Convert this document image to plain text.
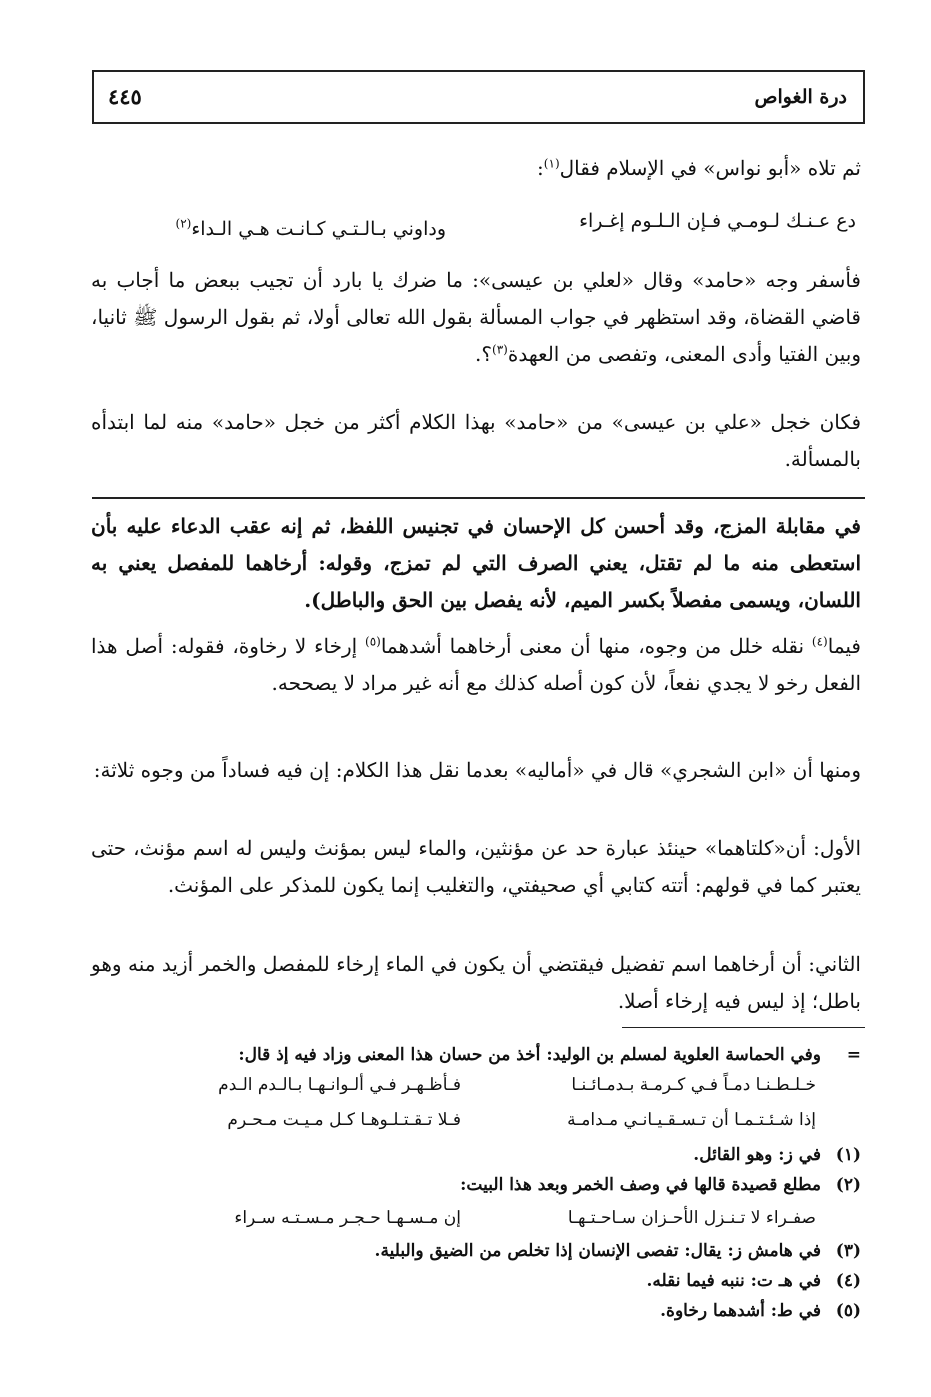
درة الغواص
٤٤٥

ثم تلاه «أبو نواس» في الإسلام فقال$^{(١)}$:

دع عـنـك لـومـي فـإن الـلـوم إغـراء
وداوني بـالـتـي كـانـت هـي الـداء$^{(٢)}$

فأسفر وجه «حامد» وقال «لعلي بن عيسى»: ما ضرك يا بارد أن تجيب ببعض ما أجاب به قاضي القضاة، وقد استظهر في جواب المسألة بقول الله تعالى أولا، ثم بقول الرسول ﷺ ثانيا، وبين الفتيا وأدى المعنى، وتفصى من العهدة$^{(٣)}$؟.

فكان خجل «علي بن عيسى» من «حامد» بهذا الكلام أكثر من خجل «حامد» منه لما ابتدأه بالمسألة.

في مقابلة المزج، وقد أحسن كل الإحسان في تجنيس اللفظ، ثم إنه عقب الدعاء عليه بأن استعطى منه ما لم تقتل، يعني الصرف التي لم تمزج، وقوله: أرخاهما للمفصل يعني به اللسان، ويسمى مفصلاً بكسر الميم، لأنه يفصل بين الحق والباطل).

فيما$^{(٤)}$ نقله خلل من وجوه، منها أن معنى أرخاهما أشدهما$^{(٥)}$ إرخاء لا رخاوة، فقوله: أصل هذا الفعل رخو لا يجدي نفعاً، لأن كون أصله كذلك مع أنه غير مراد لا يصححه.

ومنها أن «ابن الشجري» قال في «أماليه» بعدما نقل هذا الكلام: إن فيه فساداً من وجوه ثلاثة:

الأول: أن«كلتاهما» حينئذ عبارة حد عن مؤنثين، والماء ليس بمؤنث وليس له اسم مؤنث، حتى يعتبر كما في قولهم: أتته كتابي أي صحيفتي، والتغليب إنما يكون للمذكر على المؤنث.

الثاني: أن أرخاهما اسم تفضيل فيقتضي أن يكون في الماء إرخاء للمفصل والخمر أزيد منه وهو باطل؛ إذ ليس فيه إرخاء أصلا.

=وفي الحماسة العلوية لمسلم بن الوليد: أخذ من حسان هذا المعنى وزاد فيه إذ قال:
خـلـطـنـا دمـاً فـي كـرمـة بـدمـائـنـا
فـأظـهـر فـي ألـوانـهـا بـالـدم الـدم
إذا شـئـتـمـا أن تـسـقـيـانـي مـدامـة
فـلا تـقـتـلـوهـا كـل مـيـت مـحـرم
(١)في ز: وهو القائل.
(٢)مطلع قصيدة قالها في وصف الخمر وبعد هذا البيت:
صفـراء لا تـنـزل الأحـزان سـاحـتـهـا
إن مـسـهـا حـجـر مـسـتـه سـراء
(٣)في هامش ز: يقال: تفصى الإنسان إذا تخلص من الضيق والبلية.
(٤)في هـ ت: ننبه فيما نقله.
(٥)في ط: أشدهما رخاوة.
